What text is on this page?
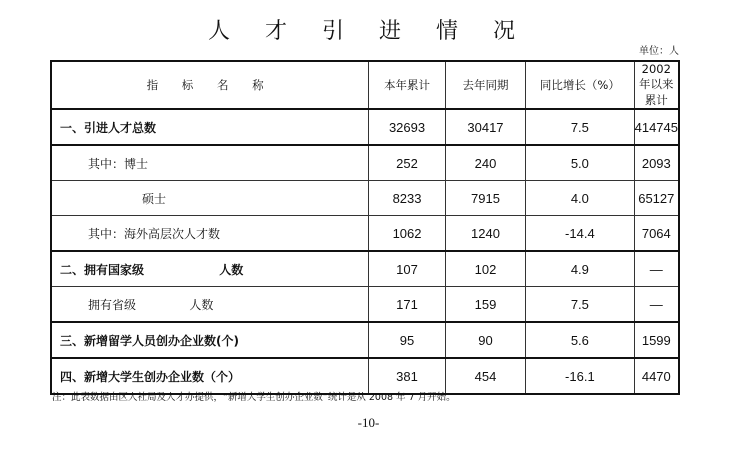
人 才 引 进 情 况
单位：人
指 标 名 称	本年累计	去年同期	同比增长（%）	2002 年以来累计
一、引进人才总数	32693	30417	7.5	414745
其中：博士	252	240	5.0	2093
硕士	8233	7915	4.0	65127
其中：海外高层次人才数	1062	1240	-14.4	7064
二、拥有国家级                  人数	107	102	4.9	—
拥有省级              人数	171	159	7.5	—
三、新增留学人员创办企业数(个)	95	90	5.6	1599
四、新增大学生创办企业数（个）	381	454	-16.1	4470
注：此表数据由区人社局及人才办提供，“新增大学生创办企业数”统计是从 2008 年 7 月开始。
-10-
